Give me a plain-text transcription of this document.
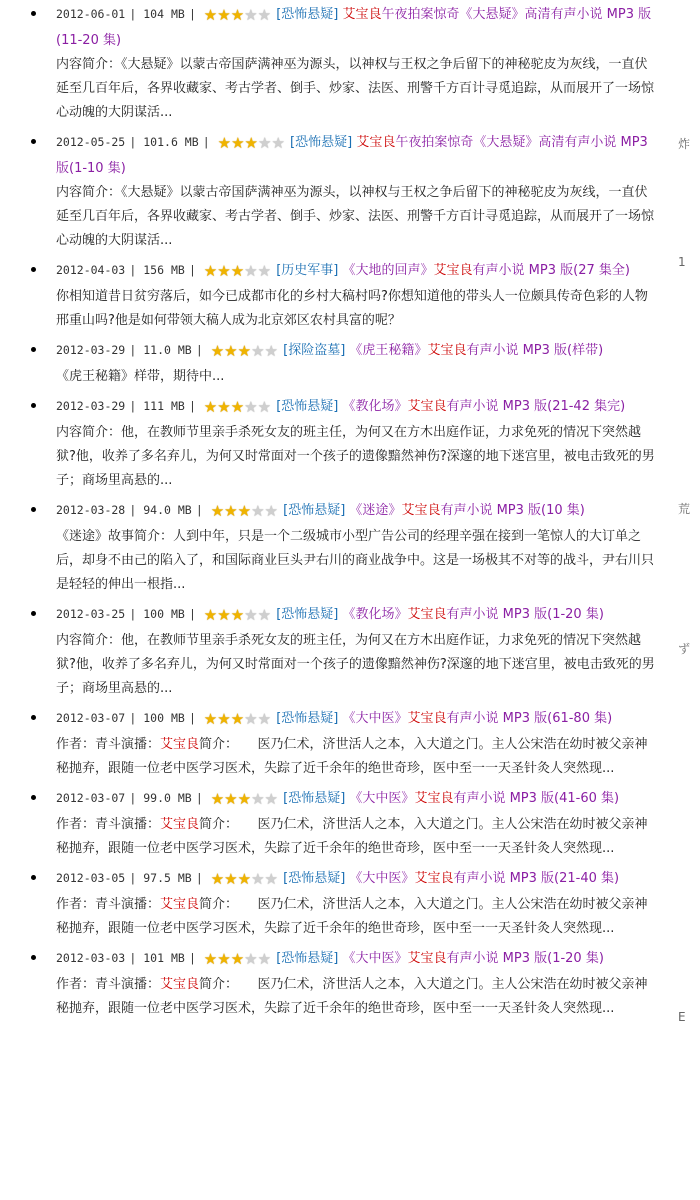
2012-06-01 | 104 MB | ★★★★★ [恐怖悬疑] 艾宝良午夜拍案惊奇《大悬疑》高清有声小说 MP3 版(11-20 集)
内容简介：《大悬疑》以蒙古帝国萨满神巫为源头，以神权与王权之争后留下的神秘驼皮为灰线，一直伏延至几百年后，各界收藏家、考古学者、倒手、炒家、法医、刑警千方百计寻觅追踪，从而展开了一场惊心动魄的大阴谋活...
2012-05-25 | 101.6 MB | ★★★★★ [恐怖悬疑] 艾宝良午夜拍案惊奇《大悬疑》高清有声小说 MP3 版(1-10 集)
内容简介：《大悬疑》以蒙古帝国萨满神巫为源头，以神权与王权之争后留下的神秘驼皮为灰线，一直伏延至几百年后，各界收藏家、考古学者、倒手、炒家、法医、刑警千方百计寻觅追踪，从而展开了一场惊心动魄的大阴谋活...
2012-04-03 | 156 MB | ★★★★★ [历史军事] 《大地的回声》艾宝良有声小说 MP3 版(27 集全)
你相知道昔日贫穷落后，如今已成都市化的乡村大稿村吗?你想知道他的带头人一位颇具传奇色彩的人物邢重山吗?他是如何带领大稿人成为北京郊区农村具富的呢？
2012-03-29 | 11.0 MB | ★★★★★ [探险盗墓] 《虎王秘籍》艾宝良有声小说 MP3 版(样带)
《虎王秘籍》样带，期待中...
2012-03-29 | 111 MB | ★★★★★ [恐怖悬疑] 《教化场》艾宝良有声小说 MP3 版(21-42 集完)
内容简介：他，在教师节里亲手杀死女友的班主任，为何又在方木出庭作证，力求免死的情况下突然越狱?他，收养了多名弃儿，为何又时常面对一个孩子的遗像黯然神伤?深邃的地下迷宫里，被电击致死的男子；商场里高悬的...
2012-03-28 | 94.0 MB | ★★★★★ [恐怖悬疑] 《迷途》艾宝良有声小说 MP3 版(10 集)
《迷途》故事简介：人到中年，只是一个二级城市小型广告公司的经理辛强在接到一笔惊人的大订单之后，却身不由己的陷入了，和国际商业巨头尹右川的商业战争中。这是一场极其不对等的战斗，尹右川只是轻轻的伸出一根指...
2012-03-25 | 100 MB | ★★★★★ [恐怖悬疑] 《教化场》艾宝良有声小说 MP3 版(1-20 集)
内容简介：他，在教师节里亲手杀死女友的班主任，为何又在方木出庭作证，力求免死的情况下突然越狱?他，收养了多名弃儿，为何又时常面对一个孩子的遗像黯然神伤?深邃的地下迷宫里，被电击致死的男子；商场里高悬的...
2012-03-07 | 100 MB | ★★★★★ [恐怖悬疑] 《大中医》艾宝良有声小说 MP3 版(61-80 集)
作者：青斗演播：艾宝良简介：　　医乃仁术，济世活人之本，入大道之门。主人公宋浩在幼时被父亲神秘抛弃，跟随一位老中医学习医术，失踪了近千余年的绝世奇珍，医中至一一天圣针灸人突然现...
2012-03-07 | 99.0 MB | ★★★★★ [恐怖悬疑] 《大中医》艾宝良有声小说 MP3 版(41-60 集)
作者：青斗演播：艾宝良简介：　　医乃仁术，济世活人之本，入大道之门。主人公宋浩在幼时被父亲神秘抛弃，跟随一位老中医学习医术，失踪了近千余年的绝世奇珍，医中至一一天圣针灸人突然现...
2012-03-05 | 97.5 MB | ★★★★★ [恐怖悬疑] 《大中医》艾宝良有声小说 MP3 版(21-40 集)
作者：青斗演播：艾宝良简介：　　医乃仁术，济世活人之本，入大道之门。主人公宋浩在幼时被父亲神秘抛弃，跟随一位老中医学习医术，失踪了近千余年的绝世奇珍，医中至一一天圣针灸人突然现...
2012-03-03 | 101 MB | ★★★★★ [恐怖悬疑] 《大中医》艾宝良有声小说 MP3 版(1-20 集)
作者：青斗演播：艾宝良简介：　　医乃仁术，济世活人之本，入大道之门。主人公宋浩在幼时被父亲神秘抛弃，跟随一位老中医学习医术，失踪了近千余年的绝世奇珍，医中至一一天圣针灸人突然现...
炸
1
荒
ず
E
